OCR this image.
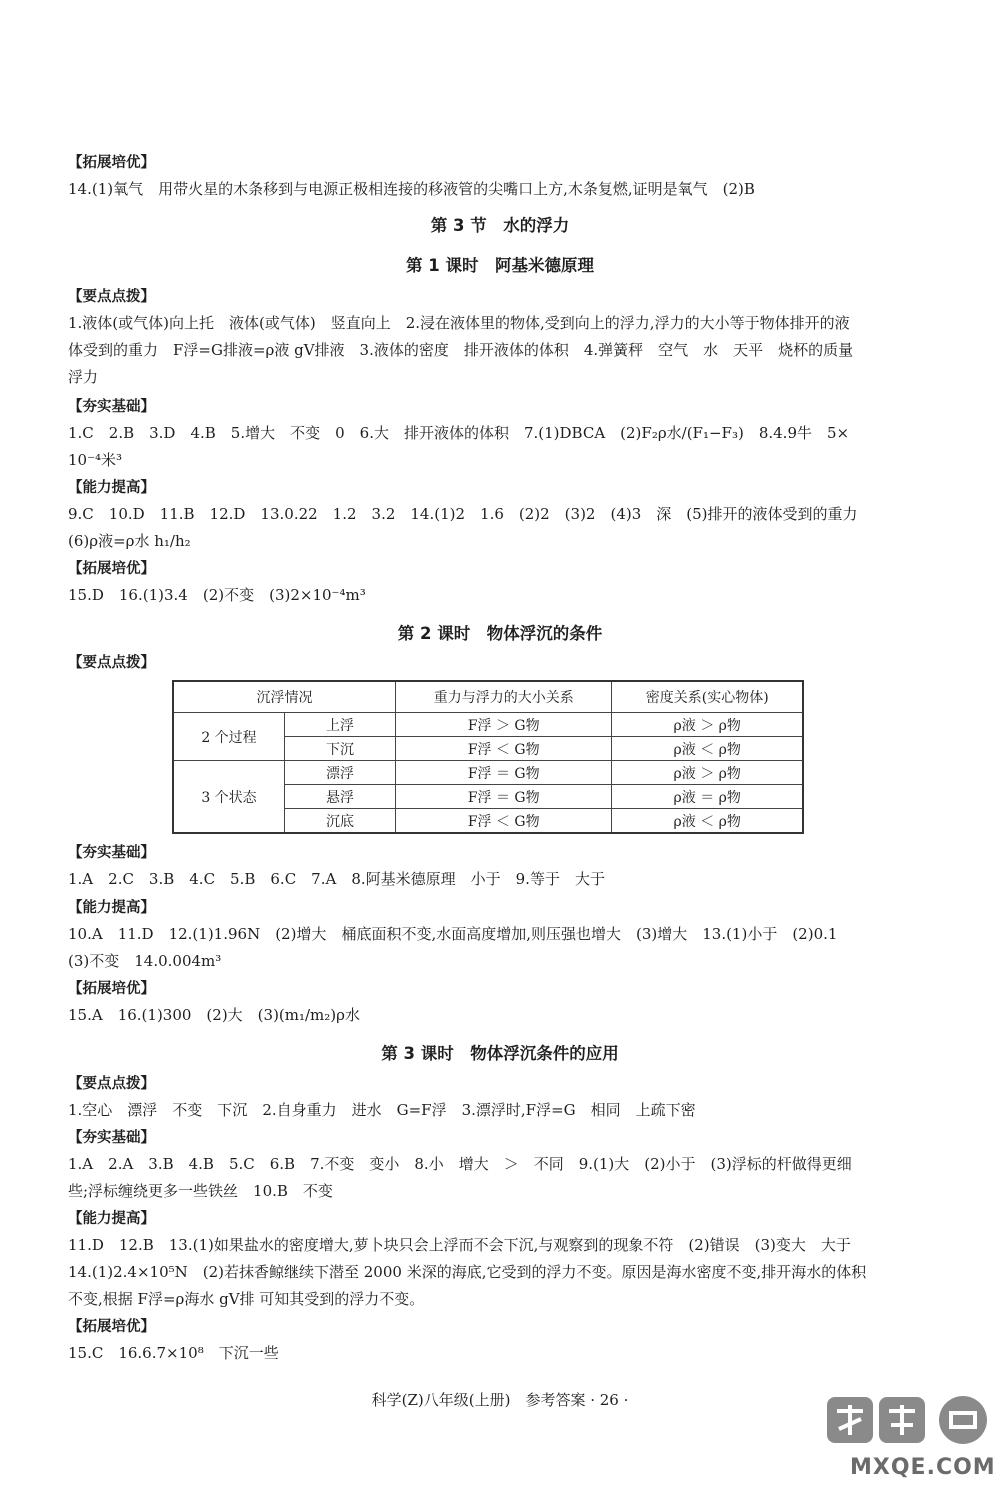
【拓展培优】
14.(1)氧气　用带火星的木条移到与电源正极相连接的移液管的尖嘴口上方,木条复燃,证明是氧气　(2)B
第 3 节　水的浮力
第 1 课时　阿基米德原理
【要点点拨】
1.液体(或气体)向上托　液体(或气体)　竖直向上　2.浸在液体里的物体,受到向上的浮力,浮力的大小等于物体排开的液
体受到的重力　F浮=G排液=ρ液 gV排液　3.液体的密度　排开液体的体积　4.弹簧秤　空气　水　天平　烧杯的质量
浮力
【夯实基础】
1.C　2.B　3.D　4.B　5.增大　不变　0　6.大　排开液体的体积　7.(1)DBCA　(2)F₂ρ水/(F₁−F₃)　8.4.9牛　5×
10⁻⁴米³
【能力提高】
9.C　10.D　11.B　12.D　13.0.22　1.2　3.2　14.(1)2　1.6　(2)2　(3)2　(4)3　深　(5)排开的液体受到的重力
(6)ρ液=ρ水 h₁/h₂
【拓展培优】
15.D　16.(1)3.4　(2)不变　(3)2×10⁻⁴m³
第 2 课时　物体浮沉的条件
【要点点拨】
沉浮情况		重力与浮力的大小关系	密度关系(实心物体)
2 个过程	上浮	F浮 ＞ G物	ρ液 ＞ ρ物
	下沉	F浮 ＜ G物	ρ液 ＜ ρ物
3 个状态	漂浮	F浮 ＝ G物	ρ液 ＞ ρ物
	悬浮	F浮 ＝ G物	ρ液 ＝ ρ物
	沉底	F浮 ＜ G物	ρ液 ＜ ρ物
【夯实基础】
1.A　2.C　3.B　4.C　5.B　6.C　7.A　8.阿基米德原理　小于　9.等于　大于
【能力提高】
10.A　11.D　12.(1)1.96N　(2)增大　桶底面积不变,水面高度增加,则压强也增大　(3)增大　13.(1)小于　(2)0.1
(3)不变　14.0.004m³
【拓展培优】
15.A　16.(1)300　(2)大　(3)(m₁/m₂)ρ水
第 3 课时　物体浮沉条件的应用
【要点点拨】
1.空心　漂浮　不变　下沉　2.自身重力　进水　G=F浮　3.漂浮时,F浮=G　相同　上疏下密
【夯实基础】
1.A　2.A　3.B　4.B　5.C　6.B　7.不变　变小　8.小　增大　＞　不同　9.(1)大　(2)小于　(3)浮标的杆做得更细
些;浮标缠绕更多一些铁丝　10.B　不变
【能力提高】
11.D　12.B　13.(1)如果盐水的密度增大,萝卜块只会上浮而不会下沉,与观察到的现象不符　(2)错误　(3)变大　大于
14.(1)2.4×10⁵N　(2)若抹香鲸继续下潜至 2000 米深的海底,它受到的浮力不变。原因是海水密度不变,排开海水的体积
不变,根据 F浮=ρ海水 gV排 可知其受到的浮力不变。
【拓展培优】
15.C　16.6.7×10⁸　下沉一些
科学(Z)八年级(上册)　参考答案 · 26 ·
MXQE.COM
